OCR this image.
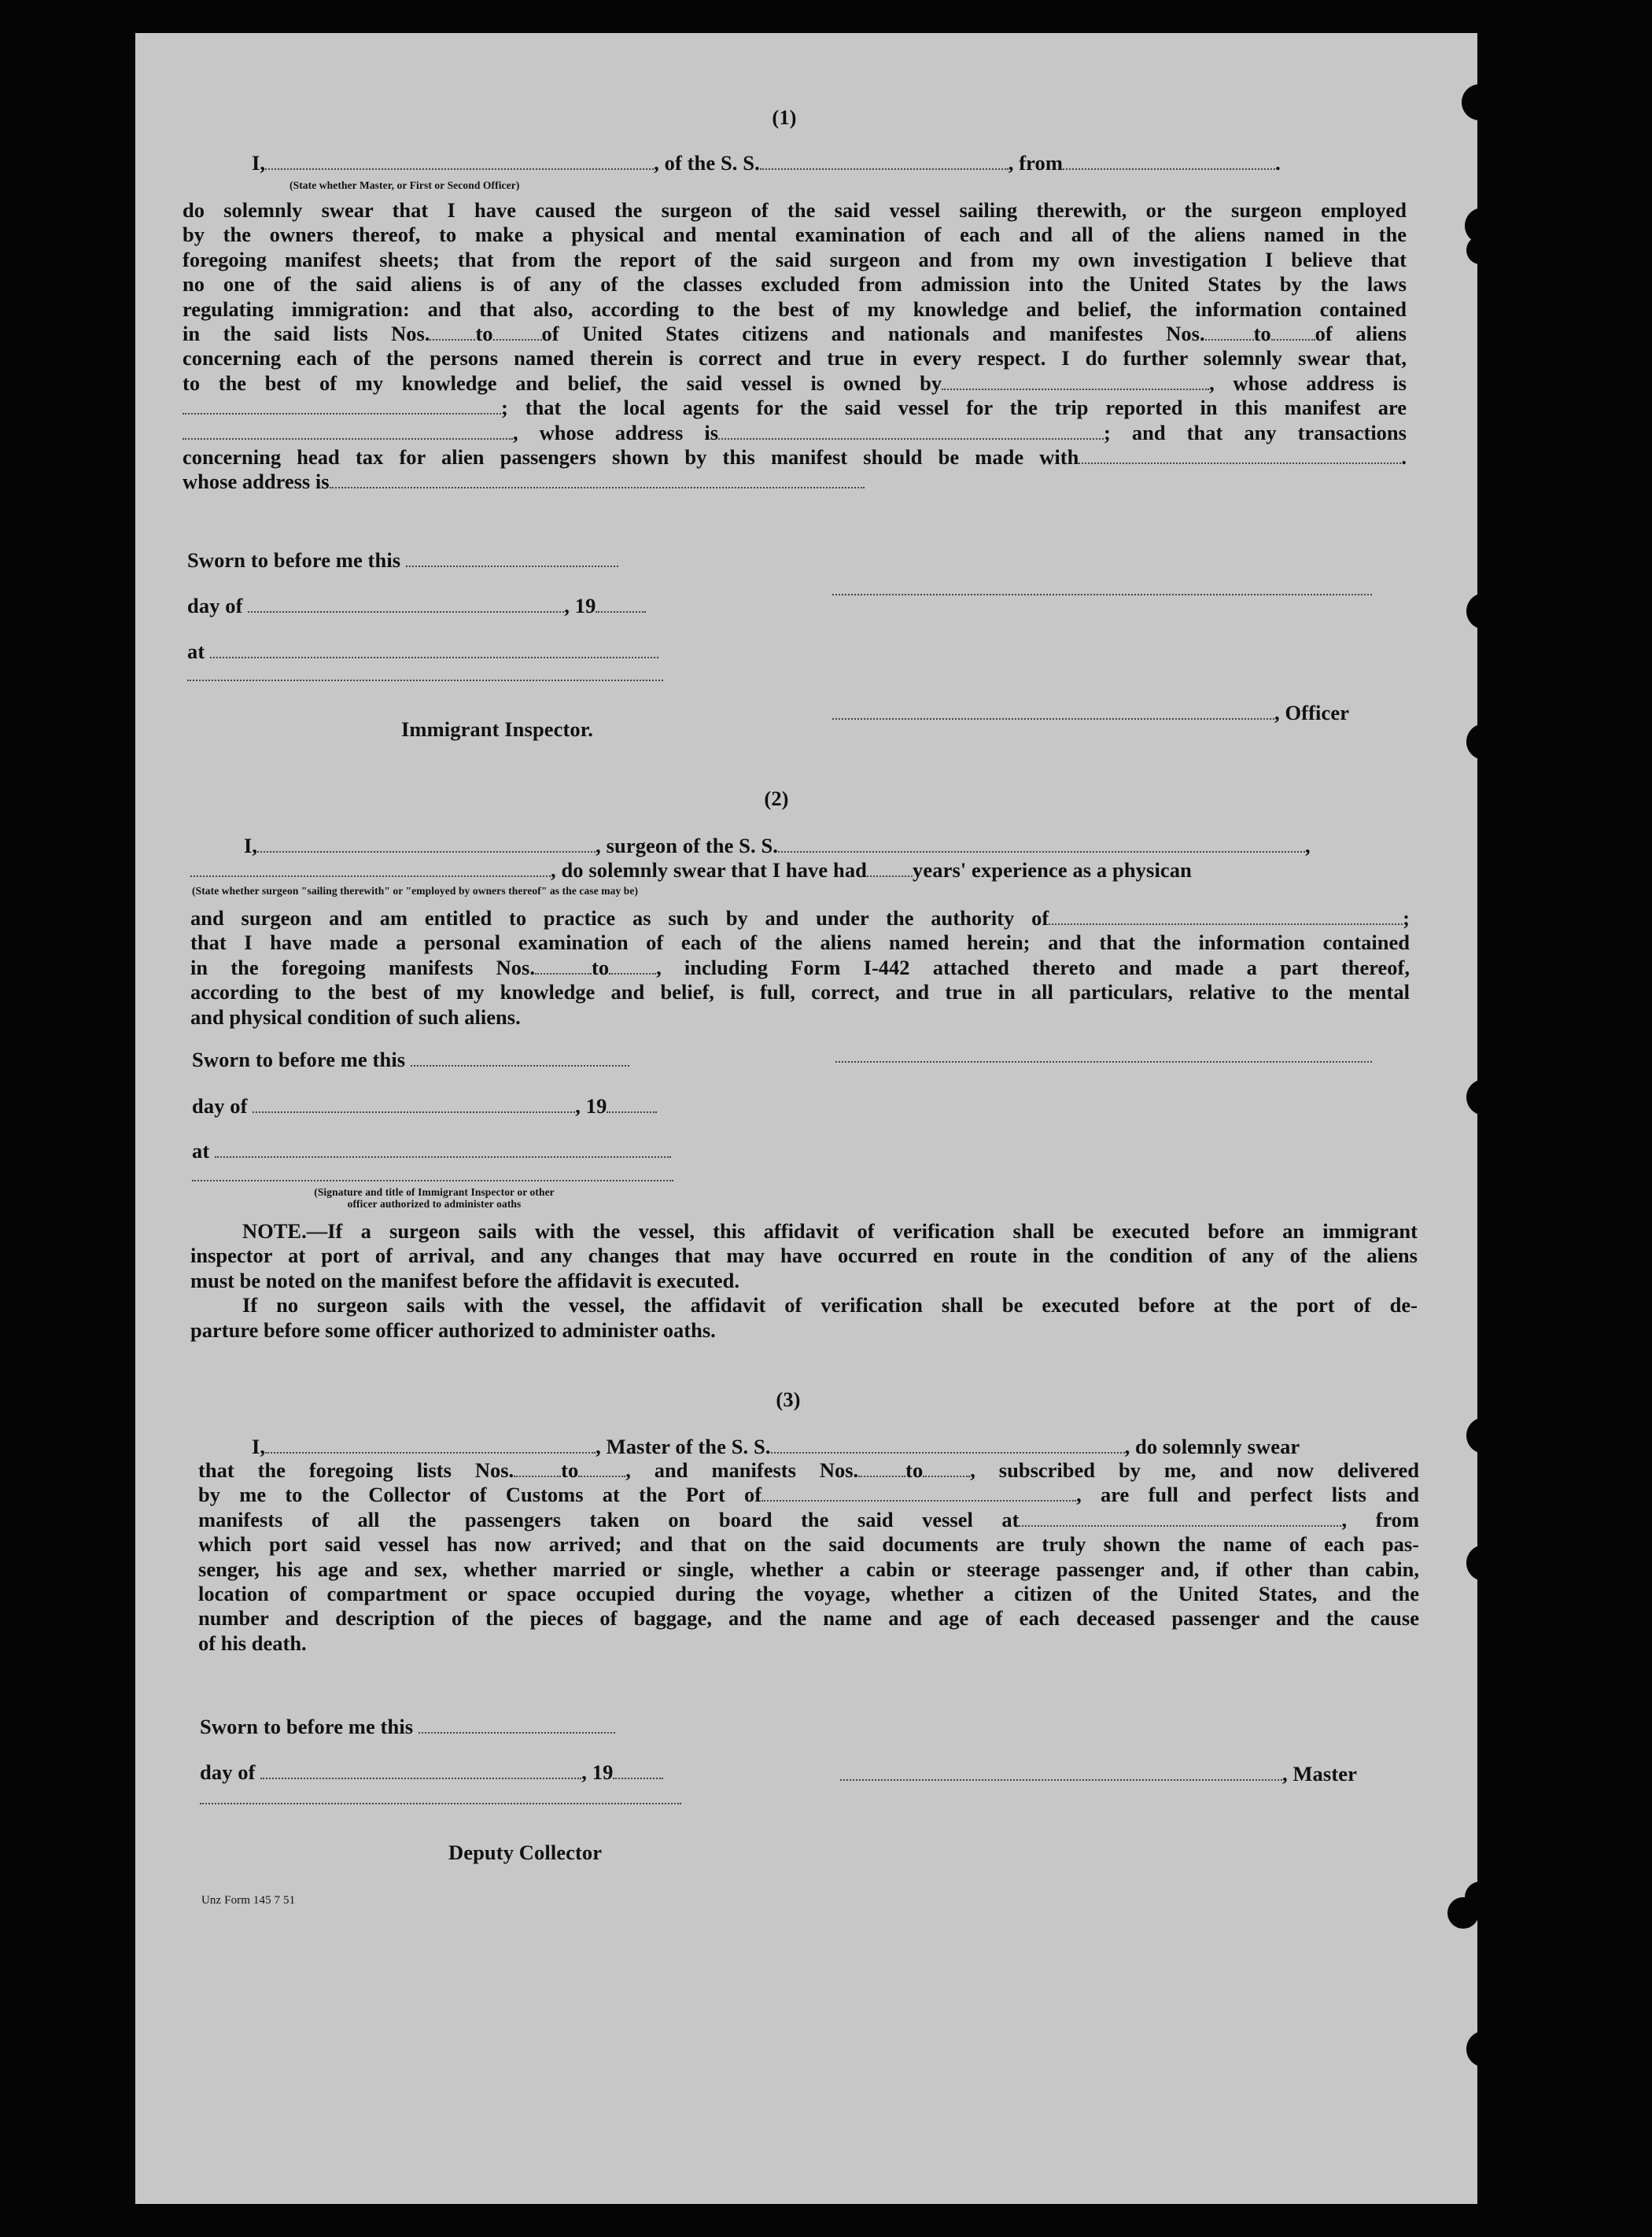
(1)
I,	, of the S. S.	, from	.
(State whether Master, or First or Second Officer)
do solemnly swear that I have caused the surgeon of the said vessel sailing therewith, or the surgeon employed
by the owners thereof, to make a physical and mental examination of each and all of the aliens named in the
foregoing manifest sheets; that from the report of the said surgeon and from my own investigation I believe that
no one of the said aliens is of any of the classes excluded from admission into the United States by the laws
regulating immigration: and that also, according to the best of my knowledge and belief, the information contained
in the said lists Nos. to of United States citizens and nationals and manifestes Nos. to of aliens
concerning each of the persons named therein is correct and true in every respect. I do further solemnly swear that,
to the best of my knowledge and belief, the said vessel is owned by	, whose address is
; that the local agents for the said vessel for the trip reported in this manifest are
, whose address is	; and that any transactions
concerning head tax for alien passengers shown by this manifest should be made with	.
whose address is
Sworn to before me this
day of	, 19
at
Immigrant Inspector.
, Officer
(2)
I,	, surgeon of the S. S.	,
, do solemnly swear that I have had years' experience as a physican
(State whether surgeon "sailing therewith" or "employed by owners thereof" as the case may be)
and surgeon and am entitled to practice as such by and under the authority of	;
that I have made a personal examination of each of the aliens named herein; and that the information contained
in the foregoing manifests Nos.	to , including Form I-442 attached thereto and made a part thereof,
according to the best of my knowledge and belief, is full, correct, and true in all particulars, relative to the mental
and physical condition of such aliens.
Sworn to before me this
day of	, 19
at
(Signature and title of Immigrant Inspector or other
officer authorized to administer oaths
NOTE.—If a surgeon sails with the vessel, this affidavit of verification shall be executed before an immigrant
inspector at port of arrival, and any changes that may have occurred en route in the condition of any of the aliens
must be noted on the manifest before the affidavit is executed.
If no surgeon sails with the vessel, the affidavit of verification shall be executed before at the port of de-
parture before some officer authorized to administer oaths.
(3)
I,	, Master of the S. S.	, do solemnly swear
that the foregoing lists Nos. to , and manifests Nos. to , subscribed by me, and now delivered
by me to the Collector of Customs at the Port of	, are full and perfect lists and
manifests of all the passengers taken on board the said vessel at	, from
which port said vessel has now arrived; and that on the said documents are truly shown the name of each pas-
senger, his age and sex, whether married or single, whether a cabin or steerage passenger and, if other than cabin,
location of compartment or space occupied during the voyage, whether a citizen of the United States, and the
number and description of the pieces of baggage, and the name and age of each deceased passenger and the cause
of his death.
Sworn to before me this
day of	, 19
Deputy Collector
, Master
Unz Form 145 7 51
